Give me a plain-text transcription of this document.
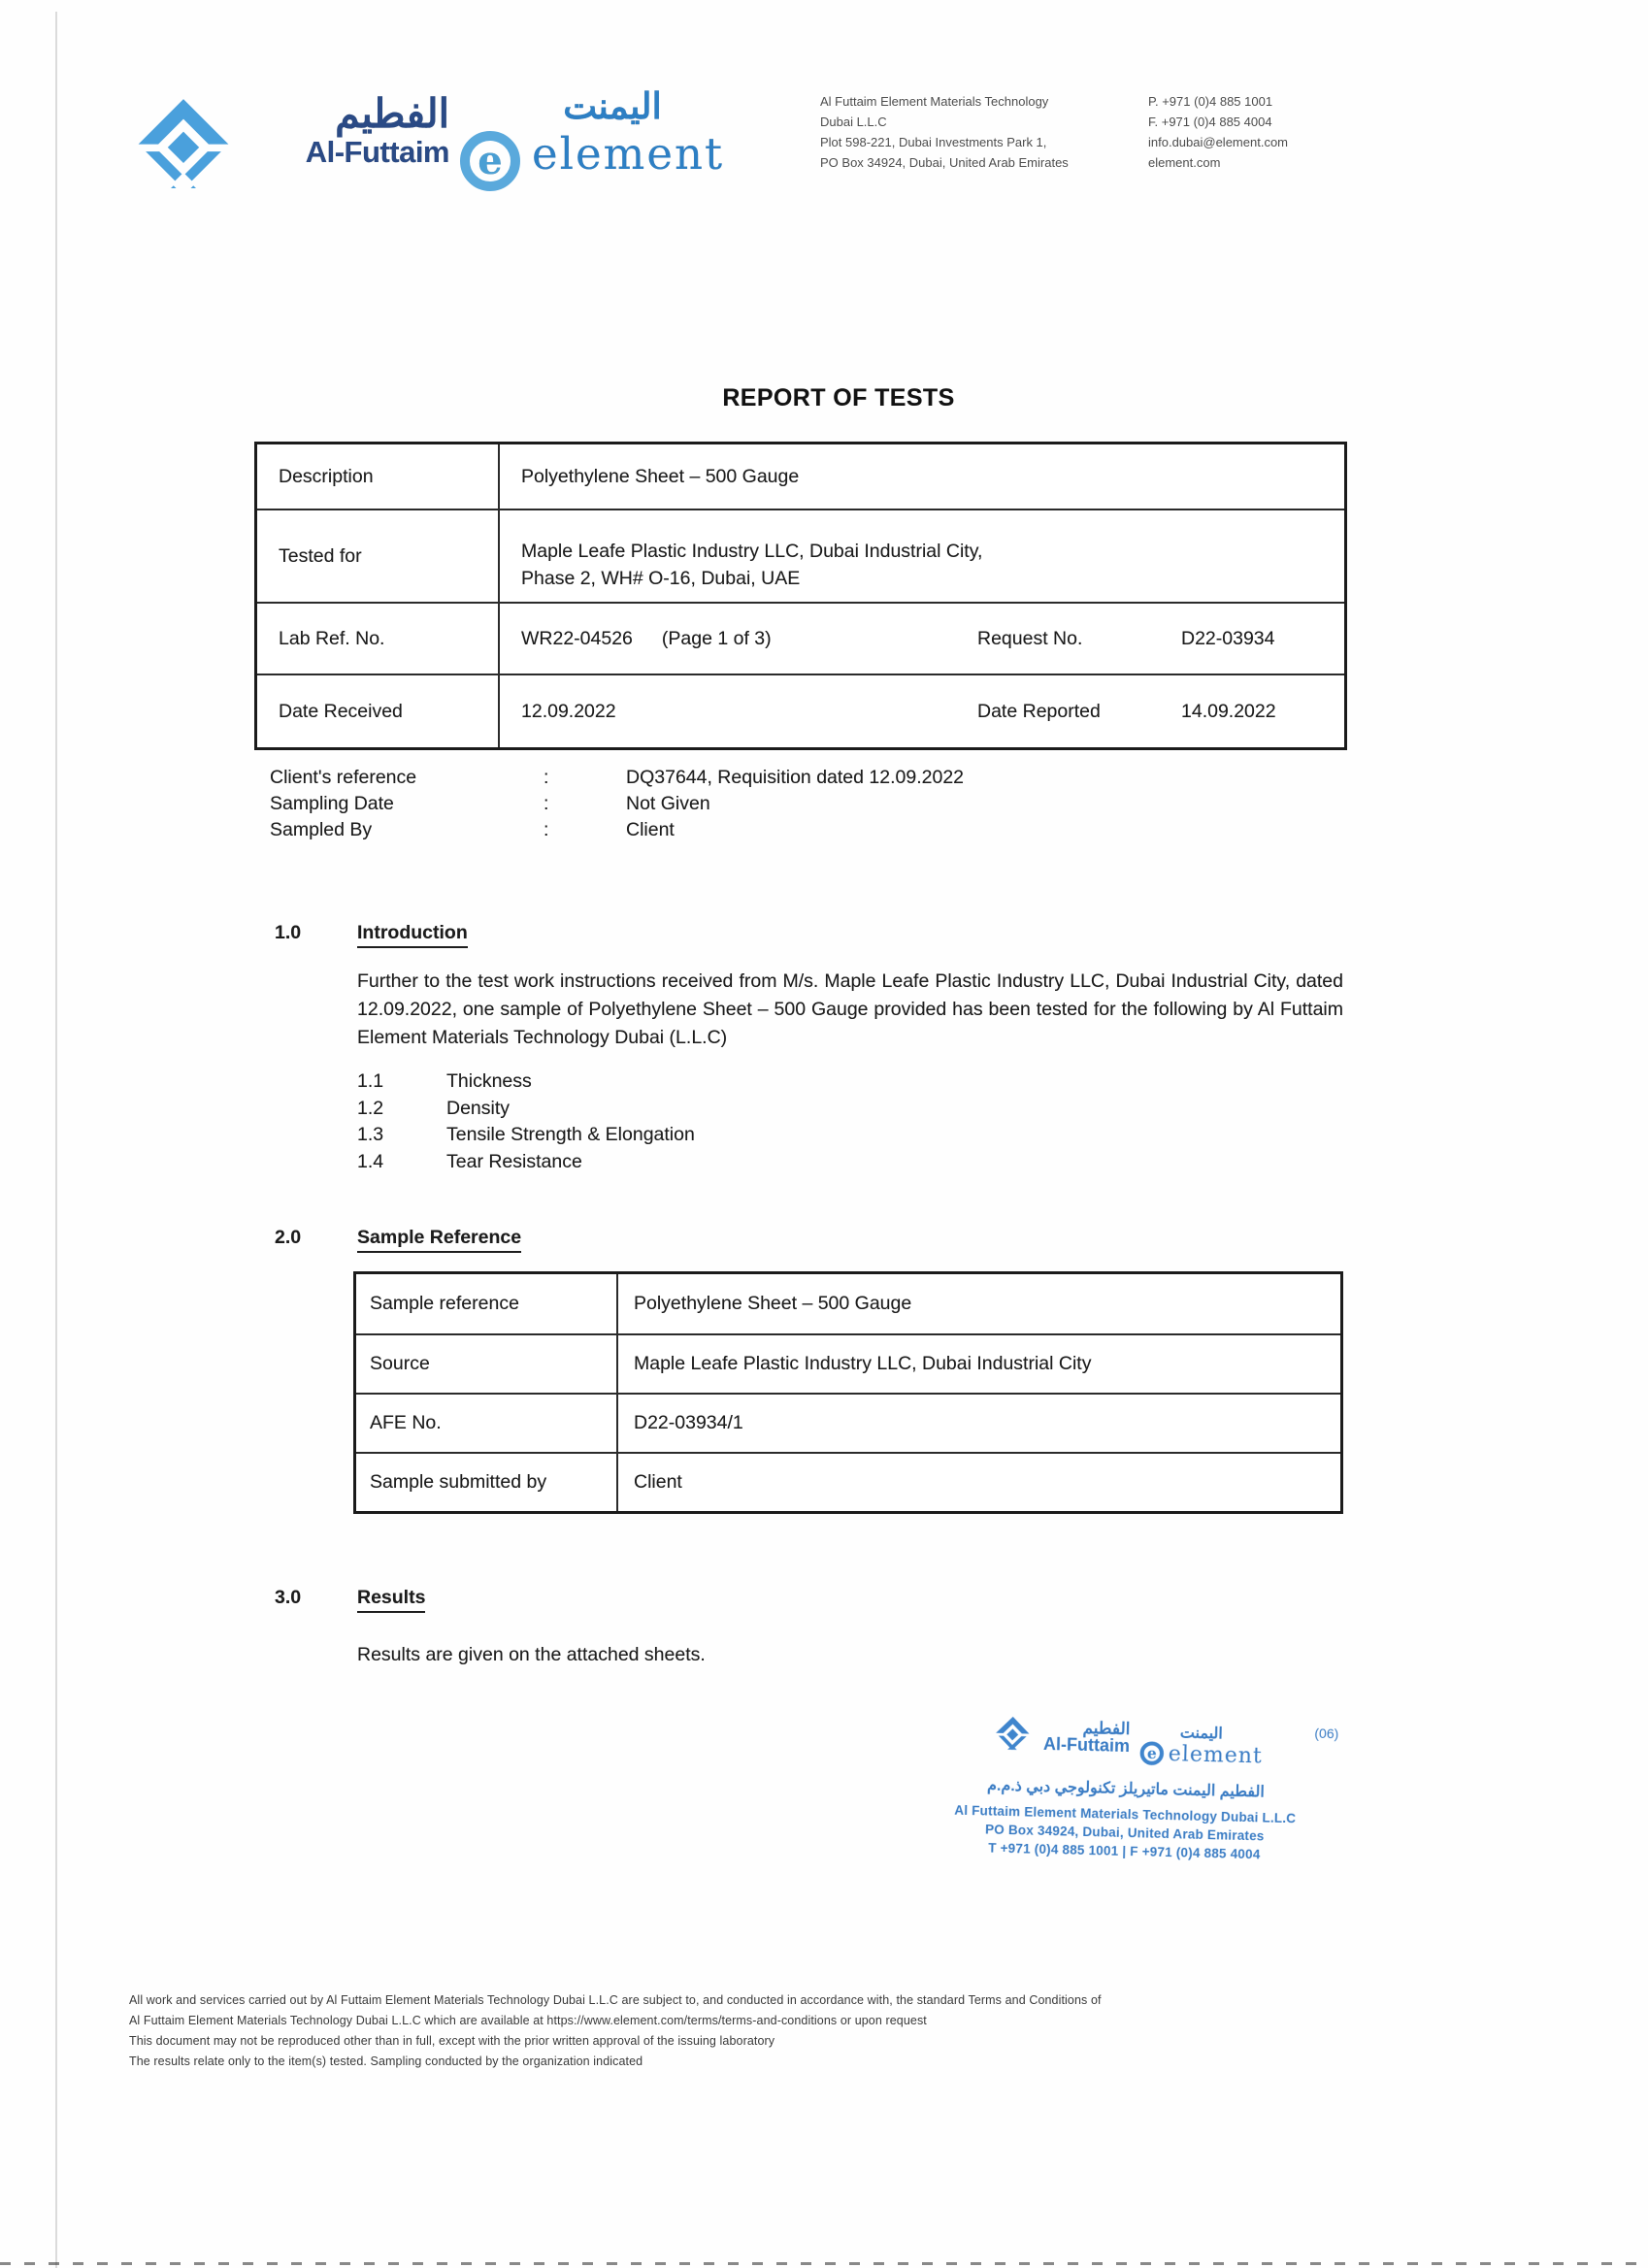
الفطيم
Al-Futtaim e
اليمنت
element
Al Futtaim Element Materials Technology
Dubai L.L.C
Plot 598-221, Dubai Investments Park 1,
PO Box 34924, Dubai, United Arab Emirates
P. +971 (0)4 885 1001
F. +971 (0)4 885 4004
info.dubai@element.com
element.com
REPORT OF TESTS
Description	Polyethylene Sheet – 500 Gauge
Tested for	Maple Leafe Plastic Industry LLC, Dubai Industrial City,
Phase 2, WH# O-16, Dubai, UAE
Lab Ref. No.	WR22-04526 (Page 1 of 3)	Request No.	D22-03934
Date Received	12.09.2022	Date Reported	14.09.2022
Client's reference	:	DQ37644, Requisition dated 12.09.2022
Sampling Date	:	Not Given
Sampled By	:	Client
1.0	Introduction
Further to the test work instructions received from M/s. Maple Leafe Plastic Industry LLC, Dubai Industrial City, dated 12.09.2022, one sample of Polyethylene Sheet – 500 Gauge provided has been tested for the following by Al Futtaim Element Materials Technology Dubai (L.L.C)
1.1	Thickness
1.2	Density
1.3	Tensile Strength & Elongation
1.4	Tear Resistance
2.0	Sample Reference
Sample reference	Polyethylene Sheet – 500 Gauge
Source	Maple Leafe Plastic Industry LLC, Dubai Industrial City
AFE No.	D22-03934/1
Sample submitted by	Client
3.0	Results
Results are given on the attached sheets.
(06)
الفطيم
Al-Futtaim
اليمنت
e element
الفطيم اليمنت ماتيريلز تكنولوجي دبي ذ.م.م
Al Futtaim Element Materials Technology Dubai L.L.C
PO Box 34924, Dubai, United Arab Emirates
T +971 (0)4 885 1001 | F +971 (0)4 885 4004
All work and services carried out by Al Futtaim Element Materials Technology Dubai L.L.C are subject to, and conducted in accordance with, the standard Terms and Conditions of
Al Futtaim Element Materials Technology Dubai L.L.C which are available at https://www.element.com/terms/terms-and-conditions or upon request
This document may not be reproduced other than in full, except with the prior written approval of the issuing laboratory
The results relate only to the item(s) tested. Sampling conducted by the organization indicated
